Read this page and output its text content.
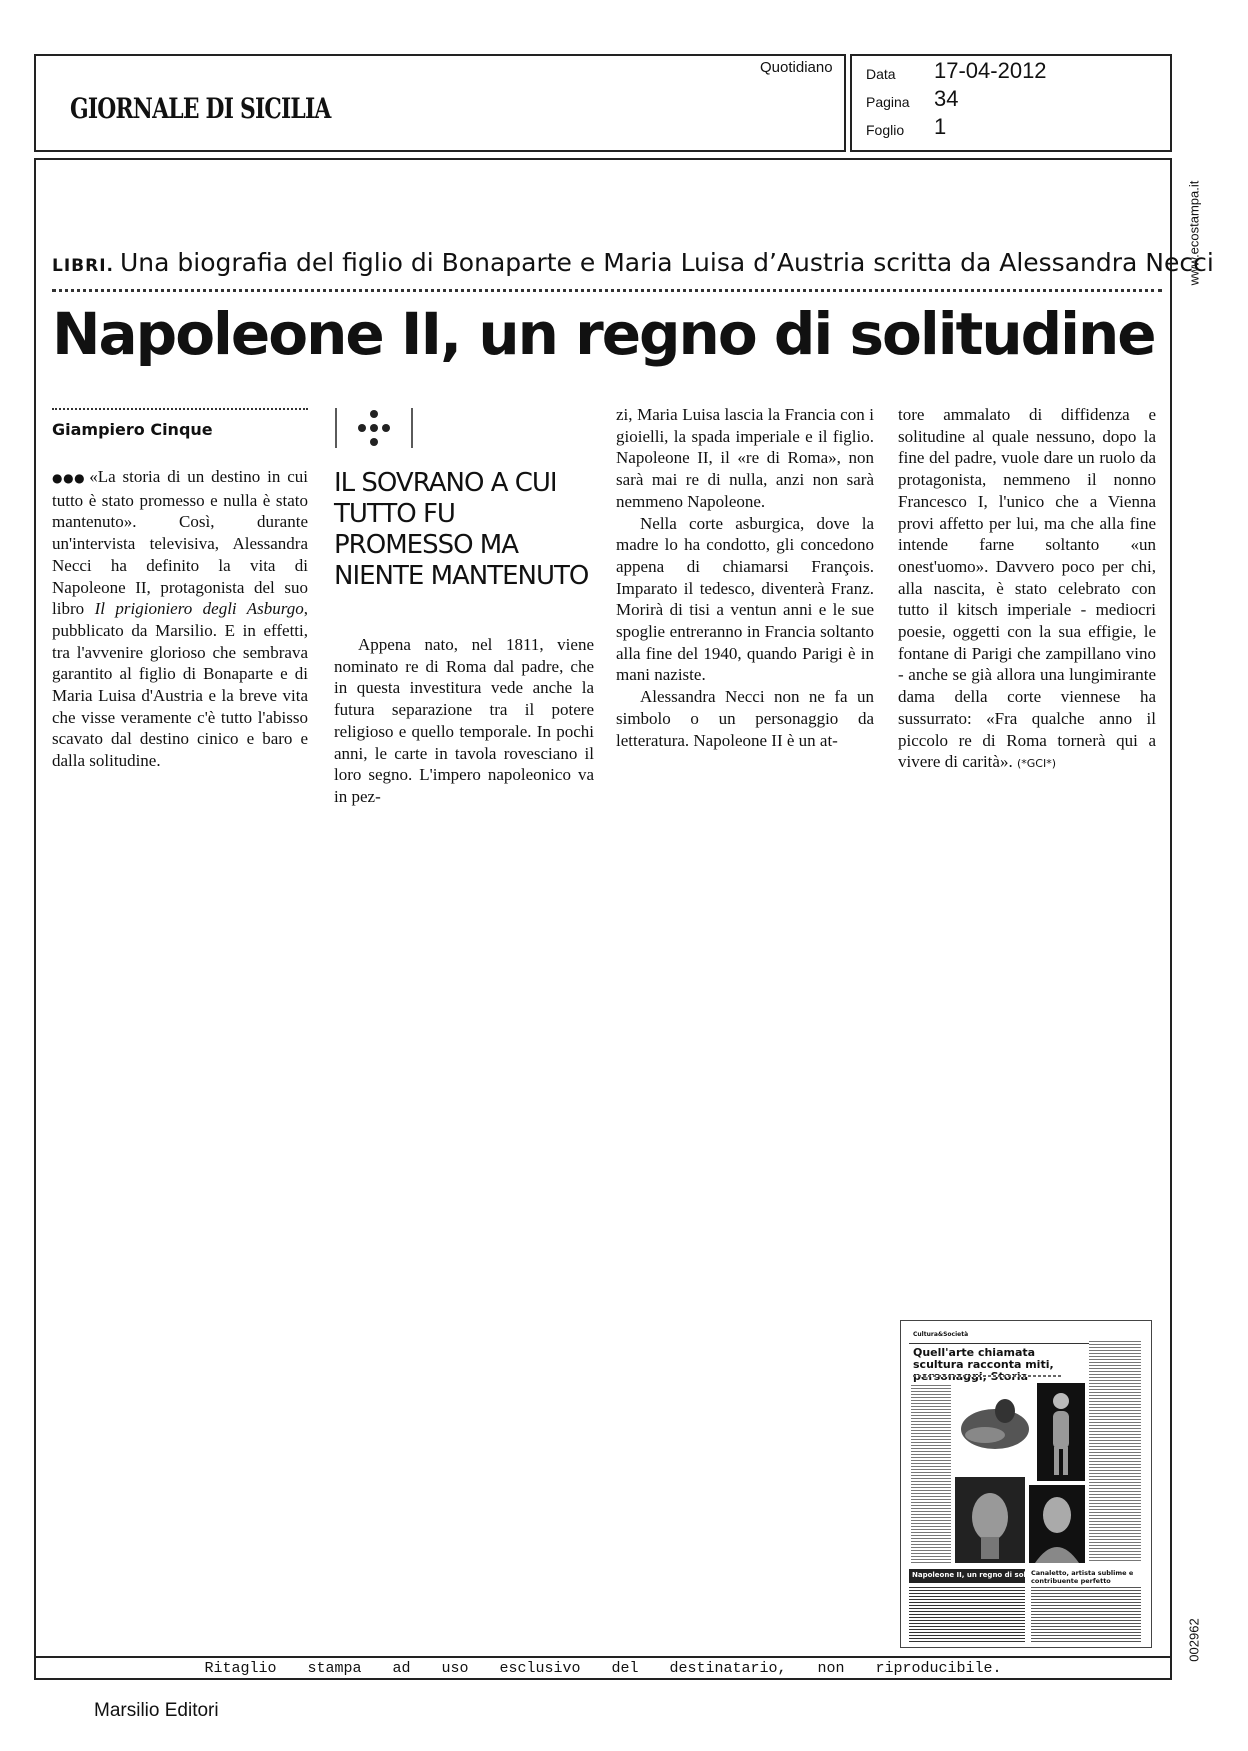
GIORNALE DI SICILIA
Quotidiano Data 17-04-2012
Pagina 34
Foglio 1
Ritaglio stampa ad uso esclusivo del destinatario, non riproducibile.
www.ecostampa.it
002962
LIBRI. Una biografia del figlio di Bonaparte e Maria Luisa d’Austria scritta da Alessandra Necci
Napoleone II, un regno di solitudine
Giampiero Cinque

●●● «La storia di un destino in cui tutto è stato promesso e nulla è stato mantenuto». Così, durante un'intervista televisiva, Alessandra Necci ha definito la vita di Napoleone II, protagonista del suo libro Il prigioniero degli Asburgo, pubblicato da Marsilio. E in effetti, tra l'avvenire glorioso che sembrava garantito al figlio di Bonaparte e di Maria Luisa d'Austria e la breve vita che visse veramente c'è tutto l'abisso scavato dal destino cinico e baro e dalla solitudine.

IL SOVRANO A CUI TUTTO FU PROMESSO MA NIENTE MANTENUTO

Appena nato, nel 1811, viene nominato re di Roma dal padre, che in questa investitura vede anche la futura separazione tra il potere religioso e quello temporale. In pochi anni, le carte in tavola rovesciano il loro segno. L'impero napoleonico va in pez-

zi, Maria Luisa lascia la Francia con i gioielli, la spada imperiale e il figlio. Napoleone II, il «re di Roma», non sarà mai re di nulla, anzi non sarà nemmeno Napoleone.

Nella corte asburgica, dove la madre lo ha condotto, gli concedono appena di chiamarsi François. Imparato il tedesco, diventerà Franz. Morirà di tisi a ventun anni e le sue spoglie entreranno in Francia soltanto alla fine del 1940, quando Parigi è in mani naziste.

Alessandra Necci non ne fa un simbolo o un personaggio da letteratura. Napoleone II è un at-

tore ammalato di diffidenza e solitudine al quale nessuno, dopo la fine del padre, vuole dare un ruolo da protagonista, nemmeno il nonno Francesco I, l'unico che a Vienna provi affetto per lui, ma che alla fine intende farne soltanto «un onest'uomo». Davvero poco per chi, alla nascita, è stato celebrato con tutto il kitsch imperiale - mediocri poesie, oggetti con la sua effigie, le fontane di Parigi che zampillano vino - anche se già allora una lungimirante dama della corte viennese ha sussurrato: «Fra qualche anno il piccolo re di Roma tornerà qui a vivere di carità». (*GCI*)

Cultura&Società
Quell'arte chiamata scultura racconta miti,
Napoleone II, un regno di solitudine
Canaletto, artista sublime e contribuente perfetto
Marsilio Editori
